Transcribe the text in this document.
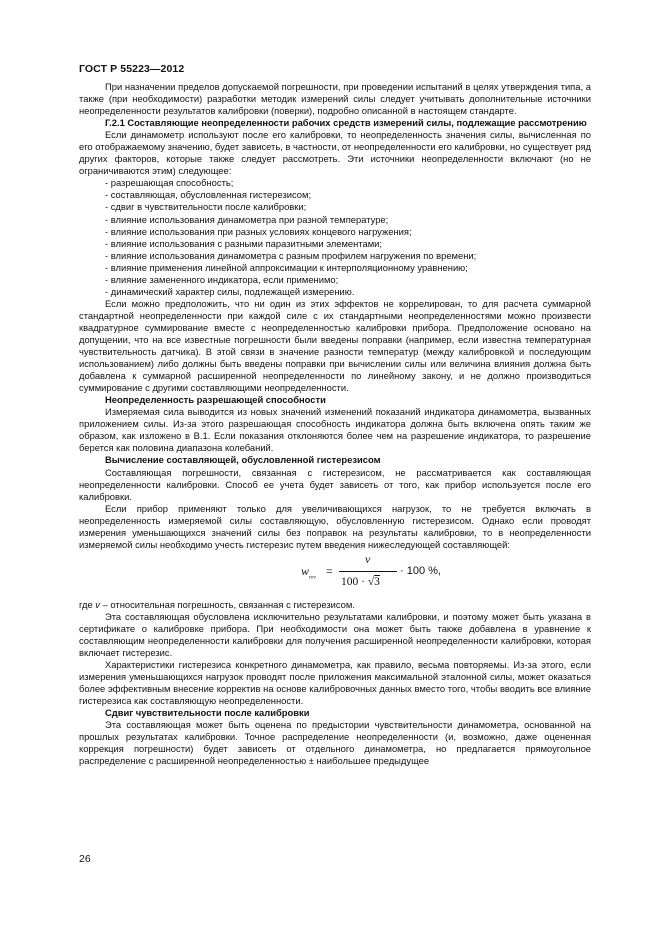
ГОСТ Р 55223—2012

При назначении пределов допускаемой погрешности, при проведении испытаний в целях утверждения типа, а также (при необходимости) разработки методик измерений силы следует учитывать дополнительные источники неопределенности результатов калибровки (поверки), подробно описанной в настоящем стандарте.

Г.2.1 Составляющие неопределенности рабочих средств измерений силы, подлежащие рассмотрению

Если динамометр используют после его калибровки, то неопределенность значения силы, вычисленная по его отображаемому значению, будет зависеть, в частности, от неопределенности его калибровки, но существует ряд других факторов, которые также следует рассмотреть. Эти источники неопределенности включают (но не ограничиваются этим) следующее:

- разрешающая способность;

- составляющая, обусловленная гистерезисом;

- сдвиг в чувствительности после калибровки;

- влияние использования динамометра при разной температуре;

- влияние использования при разных условиях концевого нагружения;

- влияние использования с разными паразитными элементами;

- влияние использования динамометра с разным профилем нагружения по времени;

- влияние применения линейной аппроксимации к интерполяционному уравнению;

- влияние замененного индикатора, если применимо;

- динамический характер силы, подлежащей измерению.

Если можно предположить, что ни один из этих эффектов не коррелирован, то для расчета суммарной стандартной неопределенности при каждой силе с их стандартными неопределенностями можно произвести квадратурное суммирование вместе с неопределенностью калибровки прибора. Предположение основано на допущении, что на все известные погрешности были введены поправки (например, если известна температурная чувствительность датчика). В этой связи в значение разности температур (между калибровкой и последующим использованием) либо должны быть введены поправки при вычислении силы или величина влияния должна быть добавлена к суммарной расширенной неопределенности по линейному закону, и не должно производиться суммирование с другими составляющими неопределенности.

Неопределенность разрешающей способности

Измеряемая сила выводится из новых значений изменений показаний индикатора динамометра, вызванных приложением силы. Из-за этого разрешающая способность индикатора должна быть включена опять таким же образом, как изложено в В.1. Если показания отклоняются более чем на разрешение индикатора, то разрешение берется как половина диапазона колебаний.

Вычисление составляющей, обусловленной гистерезисом

Составляющая погрешности, связанная с гистерезисом, не рассматривается как составляющая неопределенности калибровки. Способ ее учета будет зависеть от того, как прибор используется после его калибровки.

Если прибор применяют только для увеличивающихся нагрузок, то не требуется включать в неопределенность измеряемой силы составляющую, обусловленную гистерезисом. Однако если проводят измерения уменьшающихся значений силы без поправок на результаты калибровки, то в неопределенности измеряемой силы необходимо учесть гистерезис путем введения нижеследующей составляющей:

$w_{rev}$ =
v
100 · √3
· 100 %,

где v – относительная погрешность, связанная с гистерезисом.

Эта составляющая обусловлена исключительно результатами калибровки, и поэтому может быть указана в сертификате о калибровке прибора. При необходимости она может быть также добавлена в уравнение к составляющим неопределенности калибровки для получения расширенной неопределенности калибровки, которая включает гистерезис.

Характеристики гистерезиса конкретного динамометра, как правило, весьма повторяемы. Из-за этого, если измерения уменьшающихся нагрузок проводят после приложения максимальной эталонной силы, может оказаться более эффективным внесение корректив на основе калибровочных данных вместо того, чтобы вводить все влияние гистерезиса как составляющую неопределенности.

Сдвиг чувствительности после калибровки

Эта составляющая может быть оценена по предыстории чувствительности динамометра, основанной на прошлых результатах калибровки. Точное распределение неопределенности (и, возможно, даже оцененная коррекция погрешности) будет зависеть от отдельного динамометра, но предлагается прямоугольное распределение с расширенной неопределенностью ± наибольшее предыдущее

26
